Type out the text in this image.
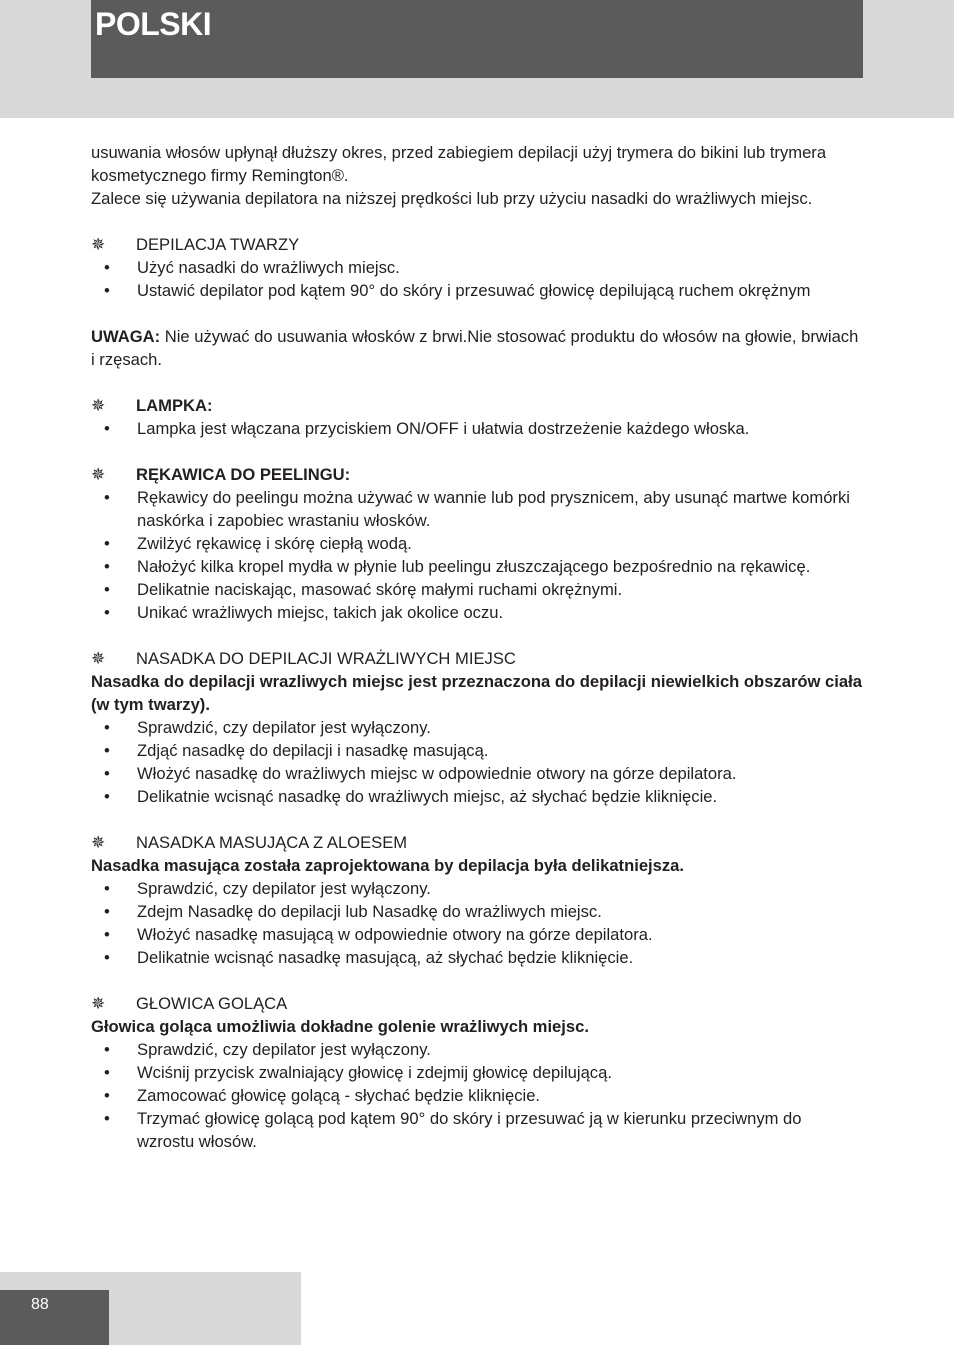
POLSKI

usuwania włosów upłynął dłuższy okres, przed zabiegiem depilacji użyj trymera do bikini lub trymera kosmetycznego firmy Remington®.

Zalece się używania depilatora na niższej prędkości lub przy użyciu nasadki do wrażliwych miejsc.

✵	DEPILACJA TWARZY
• Użyć nasadki do wrażliwych miejsc.
• Ustawić depilator pod kątem 90° do skóry i przesuwać głowicę depilującą ruchem okrężnym

UWAGA: Nie używać do usuwania włosków z brwi.Nie stosować produktu do włosów na głowie, brwiach i rzęsach.

✵	LAMPKA:
• Lampka jest włączana przyciskiem ON/OFF i ułatwia dostrzeżenie każdego włoska.
✵	RĘKAWICA DO PEELINGU:
• Rękawicy do peelingu można używać w wannie lub pod prysznicem, aby usunąć martwe komórki naskórka i zapobiec wrastaniu włosków.
• Zwilżyć rękawicę i skórę ciepłą wodą.
• Nałożyć kilka kropel mydła w płynie lub peelingu złuszczającego bezpośrednio na rękawicę.
• Delikatnie naciskając, masować skórę małymi ruchami okrężnymi.
• Unikać wrażliwych miejsc, takich jak okolice oczu.
✵	NASADKA DO DEPILACJI WRAŻLIWYCH MIEJSC

Nasadka do depilacji wrazliwych miejsc jest przeznaczona do depilacji niewielkich obszarów ciała (w tym twarzy).

• Sprawdzić, czy depilator jest wyłączony.
• Zdjąć nasadkę do depilacji i nasadkę masującą.
• Włożyć nasadkę do wrażliwych miejsc w odpowiednie otwory na górze depilatora.
• Delikatnie wcisnąć nasadkę do wrażliwych miejsc, aż słychać będzie kliknięcie.
✵	NASADKA MASUJĄCA Z ALOESEM

Nasadka masująca została zaprojektowana by depilacja była delikatniejsza.

• Sprawdzić, czy depilator jest wyłączony.
• Zdejm Nasadkę do depilacji lub Nasadkę do wrażliwych miejsc.
• Włożyć nasadkę masującą w odpowiednie otwory na górze depilatora.
• Delikatnie wcisnąć nasadkę masującą, aż słychać będzie kliknięcie.
✵	GŁOWICA GOLĄCA

Głowica goląca umożliwia dokładne golenie wrażliwych miejsc.

• Sprawdzić, czy depilator jest wyłączony.
• Wciśnij przycisk zwalniający głowicę i zdejmij głowicę depilującą.
• Zamocować głowicę golącą - słychać będzie kliknięcie.
• Trzymać głowicę golącą pod kątem 90° do skóry i przesuwać ją w kierunku przeciwnym do wzrostu włosów.
88
